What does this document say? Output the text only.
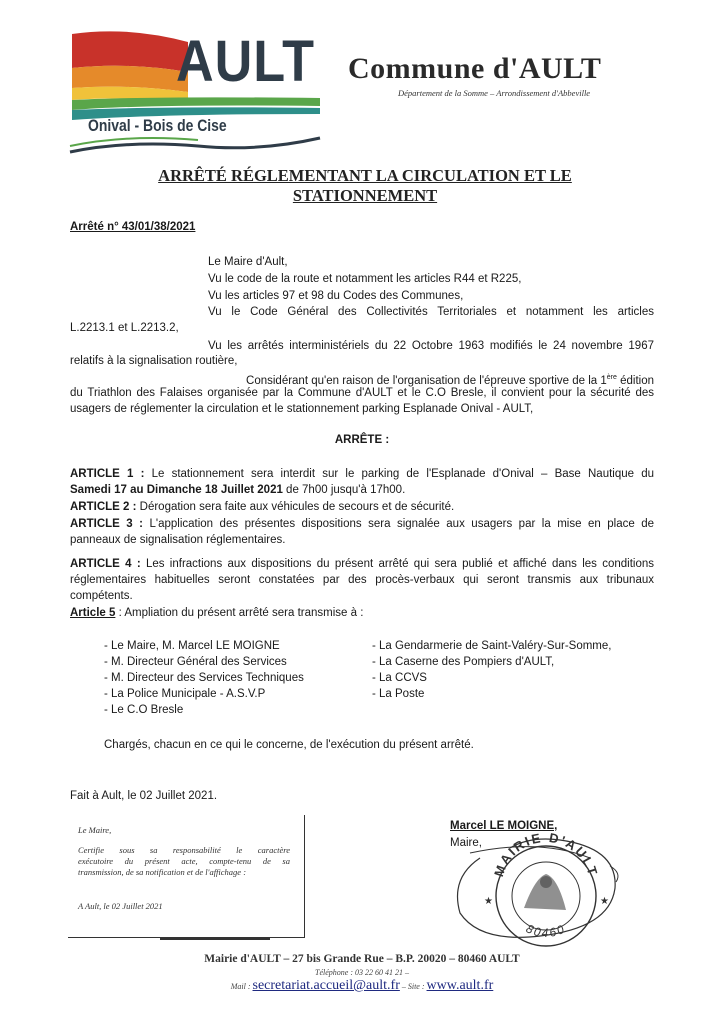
AULT
Onival - Bois de Cise
Commune d'AULT
Département de la Somme – Arrondissement d'Abbeville
ARRÊTÉ RÉGLEMENTANT LA CIRCULATION ET LE
STATIONNEMENT
Arrêté n° 43/01/38/2021
Le Maire d'Ault,
Vu le code de la route et notamment les articles R44 et R225,
Vu les articles 97 et 98 du Codes des Communes,
Vu le Code Général des Collectivités Territoriales et notamment les articles
L.2213.1 et L.2213.2,
Vu les arrêtés interministériels du 22 Octobre 1963 modifiés le 24 novembre 1967
relatifs à la signalisation routière,
Considérant qu'en raison de l'organisation de l'épreuve sportive de la 1ère édition
du Triathlon des Falaises organisée par la Commune d'AULT et le C.O Bresle, il convient pour la sécurité des
usagers de réglementer la circulation et le stationnement parking Esplanade Onival - AULT,
ARRÊTE :
ARTICLE 1 : Le stationnement sera interdit sur le parking de l'Esplanade d'Onival – Base Nautique du
Samedi 17 au Dimanche 18 Juillet 2021 de 7h00 jusqu'à 17h00.
ARTICLE 2 : Dérogation sera faite aux véhicules de secours et de sécurité.
ARTICLE 3 : L'application des présentes dispositions sera signalée aux usagers par la mise en place de
panneaux de signalisation réglementaires.
ARTICLE 4 : Les infractions aux dispositions du présent arrêté qui sera publié et affiché dans les conditions
réglementaires habituelles seront constatées par des procès-verbaux qui seront transmis aux tribunaux
compétents.
Article 5 : Ampliation du présent arrêté sera transmise à :
- Le Maire, M. Marcel LE MOIGNE
- M. Directeur Général des Services
- M. Directeur des Services Techniques
- La Police Municipale - A.S.V.P
- Le C.O Bresle
- La Gendarmerie de Saint-Valéry-Sur-Somme,
- La Caserne des Pompiers d'AULT,
- La CCVS
- La Poste
Chargés, chacun en ce qui le concerne, de l'exécution du présent arrêté.
Fait à Ault, le 02 Juillet 2021.
Le Maire,
Certifie sous sa responsabilité le caractère
exécutoire du présent acte, compte-tenu de sa
transmission, de sa notification et de l'affichage :
A Ault, le 02 Juillet 2021
Marcel LE MOIGNE,
Maire,
MAIRIE D'AULT
80460
★	★
Mairie d'AULT – 27 bis Grande Rue – B.P. 20020 – 80460 AULT
Téléphone : 03 22 60 41 21 –
Mail : secretariat.accueil@ault.fr – Site : www.ault.fr
